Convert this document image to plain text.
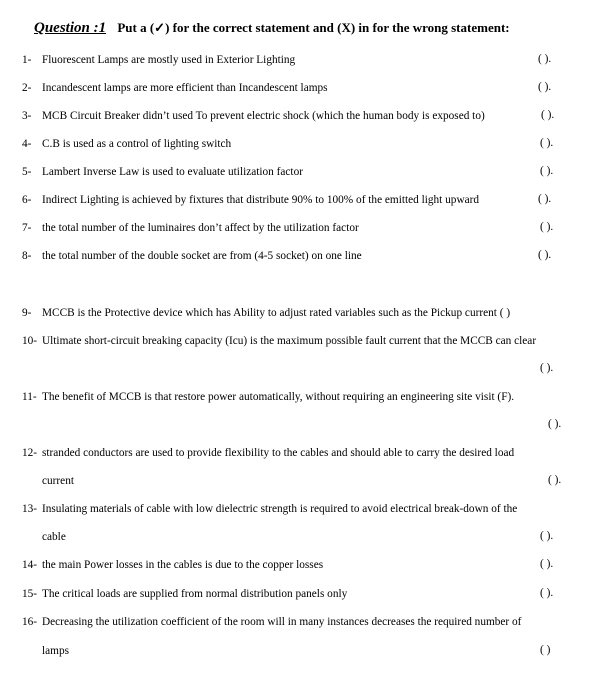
Question :1 Put a (✓) for the correct statement and (X) in for the wrong statement:
1- Fluorescent Lamps are mostly used in Exterior Lighting	( ).
2- Incandescent lamps are more efficient than Incandescent lamps	( ).
3- MCB Circuit Breaker didn’t used To prevent electric shock (which the human body is exposed to)	( ).
4- C.B is used as a control of lighting switch	( ).
5- Lambert Inverse Law is used to evaluate utilization factor	( ).
6- Indirect Lighting is achieved by fixtures that distribute 90% to 100% of the emitted light upward	( ).
7- the total number of the luminaires don’t affect by the utilization factor	( ).
8- the total number of the double socket are from (4-5 socket) on one line	( ).
9- MCCB is the Protective device which has Ability to adjust rated variables such as the Pickup current ( )
10- Ultimate short-circuit breaking capacity (Icu) is the maximum possible fault current that the MCCB can clear
( ).
11- The benefit of MCCB is that restore power automatically, without requiring an engineering site visit (F).
( ).
12- stranded conductors are used to provide flexibility to the cables and should able to carry the desired load
current	( ).
13- Insulating materials of cable with low dielectric strength is required to avoid electrical break-down of the
cable	( ).
14- the main Power losses in the cables is due to the copper losses	( ).
15- The critical loads are supplied from normal distribution panels only	( ).
16- Decreasing the utilization coefficient of the room will in many instances decreases the required number of
lamps	( )
